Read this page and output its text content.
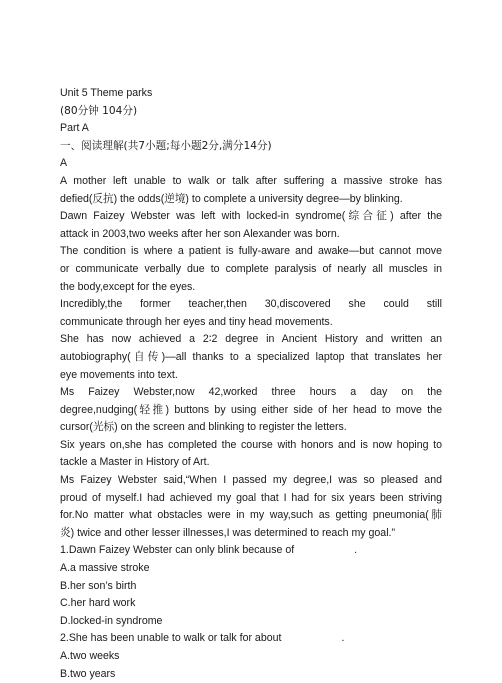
Unit 5 Theme parks

(80分钟 104分)

Part A

一、阅读理解(共7小题;每小题2分,满分14分)

A

A mother left unable to walk or talk after suffering a massive stroke has

defied(反抗) the odds(逆境) to complete a university degree—by blinking.

Dawn Faizey Webster was left with locked-in syndrome(综合征) after the

attack in 2003,two weeks after her son Alexander was born.

The condition is where a patient is fully-aware and awake—but cannot move

or communicate verbally due to complete paralysis of nearly all muscles in

the body,except for the eyes.

Incredibly,the former teacher,then 30,discovered she could still

communicate through her eyes and tiny head movements.

She has now achieved a 2∶2 degree in Ancient History and written an

autobiography(自传)—all thanks to a specialized laptop that translates her

eye movements into text.

Ms Faizey Webster,now 42,worked three hours a day on the

degree,nudging(轻推) buttons by using either side of her head to move the

cursor(光标) on the screen and blinking to register the letters.

Six years on,she has completed the course with honors and is now hoping to

tackle a Master in History of Art.

Ms Faizey Webster said,“When I passed my degree,I was so pleased and

proud of myself.I had achieved my goal that I had for six years been striving

for.No matter what obstacles were in my way,such as getting pneumonia(肺

炎) twice and other lesser illnesses,I was determined to reach my goal.”

1.Dawn Faizey Webster can only blink because of	.

A.a massive stroke

B.her son’s birth

C.her hard work

D.locked-in syndrome

2.She has been unable to walk or talk for about	.

A.two weeks

B.two years
